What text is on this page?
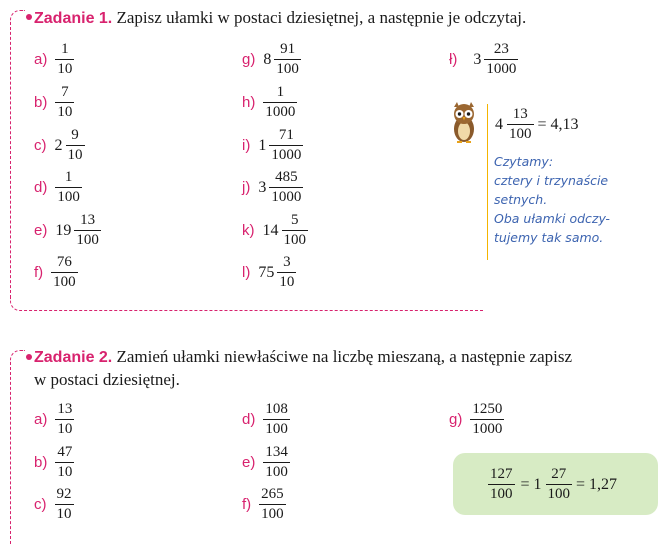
Zadanie 1. Zapisz ułamki w postaci dziesiętnej, a następnie je odczytaj.
$a) \frac{1}{10}$
$b) \frac{7}{10}$
c) $2 \frac{9}{10}$
$d) \frac{1}{100}$
e) $19 \frac{13}{100}$
$f) \frac{76}{100}$
g) $8 \frac{91}{100}$
$h) \frac{1}{1000}$
i) $1 \frac{71}{1000}$
j) $3 \frac{485}{1000}$
k) $14 \frac{5}{100}$
l) $75 \frac{3}{10}$
ł) $3 \frac{23}{1000}$
$4 \frac{13}{100} = 4,13$
Czytamy:
cztery i trzynaście
setnych.
Oba ułamki odczy-
tujemy tak samo.
Zadanie 2. Zamień ułamki niewłaściwe na liczbę mieszaną, a następnie zapisz
w postaci dziesiętnej.
$a) \frac{13}{10}$
$b) \frac{47}{10}$
$c) \frac{92}{10}$
$d) \frac{108}{100}$
$e) \frac{134}{100}$
$f) \frac{265}{100}$
$g) \frac{1250}{1000}$
$\frac{127}{100} = 1 \frac{27}{100} = 1,27$
